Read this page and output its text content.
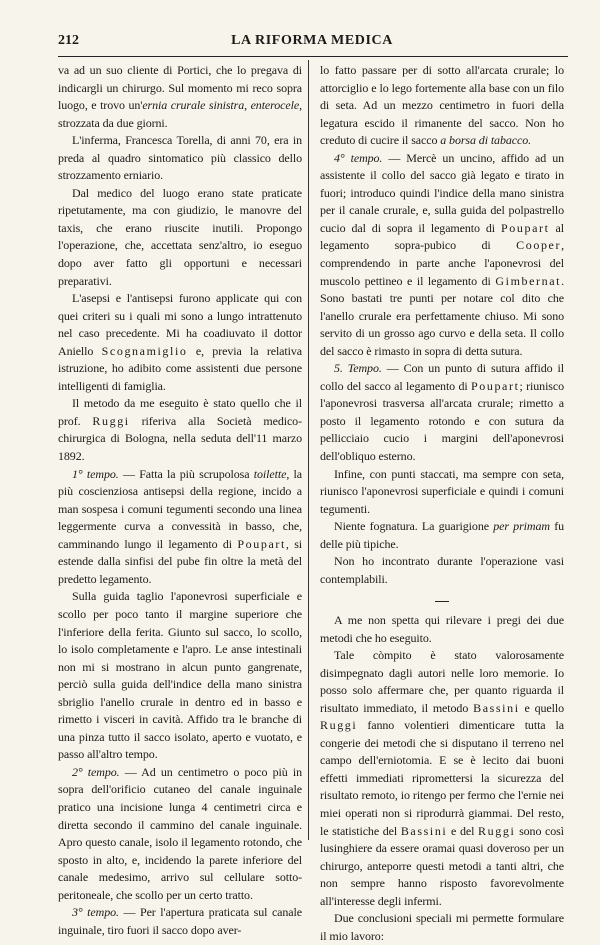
212	LA RIFORMA MEDICA

va ad un suo cliente di Portici, che lo pregava di indicargli un chirurgo. Sul momento mi reco sopra luogo, e trovo un'ernia crurale sinistra, enterocele, strozzata da due giorni.

L'inferma, Francesca Torella, di anni 70, era in preda al quadro sintomatico più classico dello strozzamento erniario.

Dal medico del luogo erano state praticate ripetutamente, ma con giudizio, le manovre del taxis, che erano riuscite inutili. Propongo l'operazione, che, accettata senz'altro, io eseguo dopo aver fatto gli opportuni e necessari preparativi.

L'asepsi e l'antisepsi furono applicate qui con quei criteri su i quali mi sono a lungo intrattenuto nel caso precedente. Mi ha coadiuvato il dottor Aniello Scognamiglio e, previa la relativa istruzione, ho adibito come assistenti due persone intelligenti di famiglia.

Il metodo da me eseguito è stato quello che il prof. Ruggi riferiva alla Società medico-chirurgica di Bologna, nella seduta dell'11 marzo 1892.

1° tempo. — Fatta la più scrupolosa toilette, la più coscienziosa antisepsi della regione, incido a man sospesa i comuni tegumenti secondo una linea leggermente curva a convessità in basso, che, camminando lungo il legamento di Poupart, si estende dalla sinfisi del pube fin oltre la metà del predetto legamento.

Sulla guida taglio l'aponevrosi superficiale e scollo per poco tanto il margine superiore che l'inferiore della ferita. Giunto sul sacco, lo scollo, lo isolo completamente e l'apro. Le anse intestinali non mi si mostrano in alcun punto gangrenate, perciò sulla guida dell'indice della mano sinistra sbriglio l'anello crurale in dentro ed in basso e rimetto i visceri in cavità. Affido tra le branche di una pinza tutto il sacco isolato, aperto e vuotato, e passo all'altro tempo.

2° tempo. — Ad un centimetro o poco più in sopra dell'orificio cutaneo del canale inguinale pratico una incisione lunga 4 centimetri circa e diretta secondo il cammino del canale inguinale. Apro questo canale, isolo il legamento rotondo, che sposto in alto, e, incidendo la parete inferiore del canale medesimo, arrivo sul cellulare sotto-peritoneale, che scollo per un certo tratto.

3° tempo. — Per l'apertura praticata sul canale inguinale, tiro fuori il sacco dopo aver-

lo fatto passare per di sotto all'arcata crurale; lo attorciglio e lo lego fortemente alla base con un filo di seta. Ad un mezzo centimetro in fuori della legatura escido il rimanente del sacco. Non ho creduto di cucire il sacco a borsa di tabacco.

4° tempo. — Mercè un uncino, affido ad un assistente il collo del sacco già legato e tirato in fuori; introduco quindi l'indice della mano sinistra per il canale crurale, e, sulla guida del polpastrello cucio dal di sopra il legamento di Poupart al legamento sopra-pubico di Cooper, comprendendo in parte anche l'aponevrosi del muscolo pettineo e il legamento di Gimbernat. Sono bastati tre punti per notare col dito che l'anello crurale era perfettamente chiuso. Mi sono servito di un grosso ago curvo e della seta. Il collo del sacco è rimasto in sopra di detta sutura.

5. Tempo. — Con un punto di sutura affido il collo del sacco al legamento di Poupart; riunisco l'aponevrosi trasversa all'arcata crurale; rimetto a posto il legamento rotondo e con sutura da pellicciaio cucio i margini dell'aponevrosi dell'obliquo esterno.

Infine, con punti staccati, ma sempre con seta, riunisco l'aponevrosi superficiale e quindi i comuni tegumenti.

Niente fognatura. La guarigione per primam fu delle più tipiche.

Non ho incontrato durante l'operazione vasi contemplabili.

A me non spetta qui rilevare i pregi dei due metodi che ho eseguito.

Tale còmpito è stato valorosamente disimpegnato dagli autori nelle loro memorie. Io posso solo affermare che, per quanto riguarda il risultato immediato, il metodo Bassini e quello Ruggi fanno volentieri dimenticare tutta la congerie dei metodi che si disputano il terreno nel campo dell'erniotomia. E se è lecito dai buoni effetti immediati ripromettersi la sicurezza del risultato remoto, io ritengo per fermo che l'ernie nei miei operati non si riprodurrà giammai. Del resto, le statistiche del Bassini e del Ruggi sono così lusinghiere da essere oramai quasi doveroso per un chirurgo, anteporre questi metodi a tanti altri, che non sempre hanno risposto favorevolmente all'interesse degli infermi.

Due conclusioni speciali mi permette formulare il mio lavoro:
